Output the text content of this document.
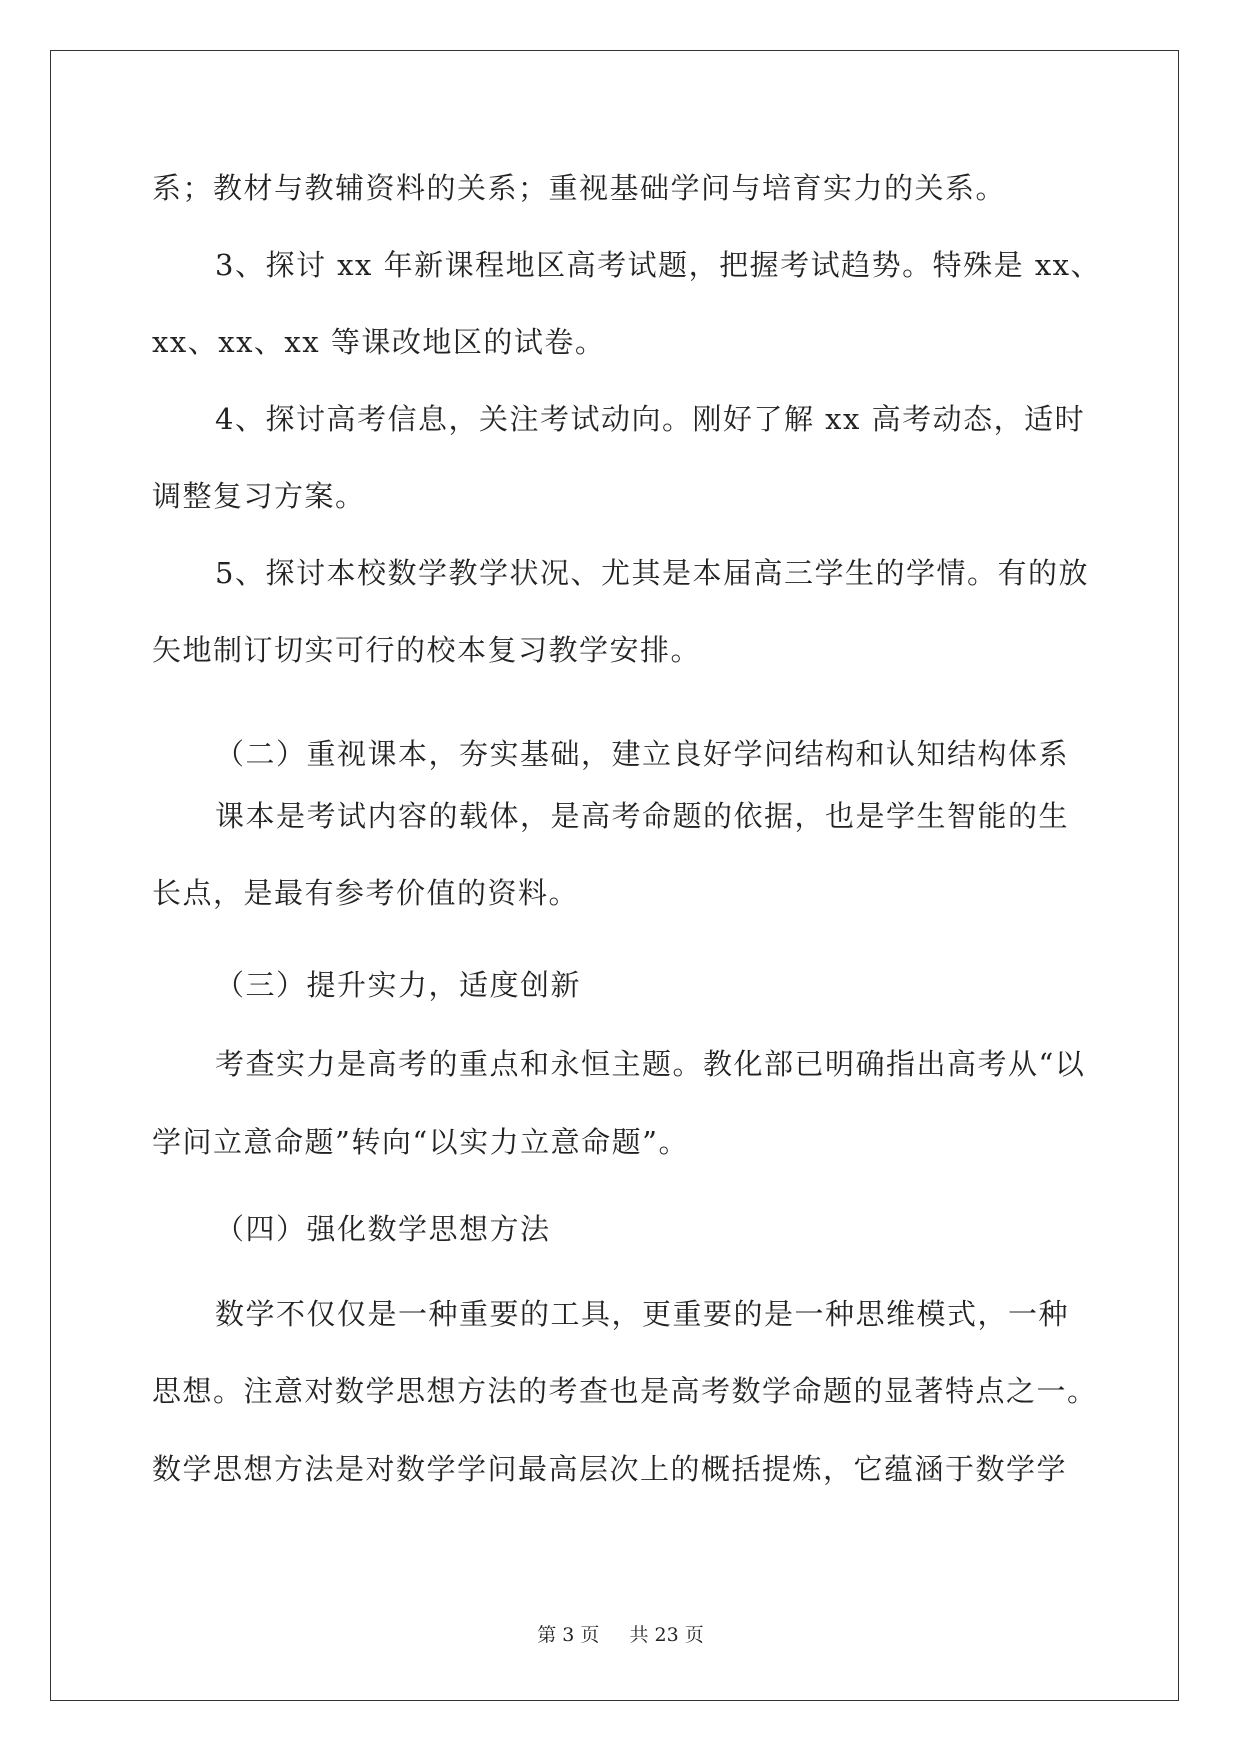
系；教材与教辅资料的关系；重视基础学问与培育实力的关系。
3、探讨 xx 年新课程地区高考试题，把握考试趋势。特殊是 xx、
xx、xx、xx 等课改地区的试卷。
4、探讨高考信息，关注考试动向。刚好了解 xx 高考动态，适时
调整复习方案。
5、探讨本校数学教学状况、尤其是本届高三学生的学情。有的放
矢地制订切实可行的校本复习教学安排。
（二）重视课本，夯实基础，建立良好学问结构和认知结构体系
课本是考试内容的载体，是高考命题的依据，也是学生智能的生
长点，是最有参考价值的资料。
（三）提升实力，适度创新
考查实力是高考的重点和永恒主题。教化部已明确指出高考从“以
学问立意命题”转向“以实力立意命题”。
（四）强化数学思想方法
数学不仅仅是一种重要的工具，更重要的是一种思维模式，一种
思想。注意对数学思想方法的考查也是高考数学命题的显著特点之一。
数学思想方法是对数学学问最高层次上的概括提炼，它蕴涵于数学学
第 3 页 共 23 页
